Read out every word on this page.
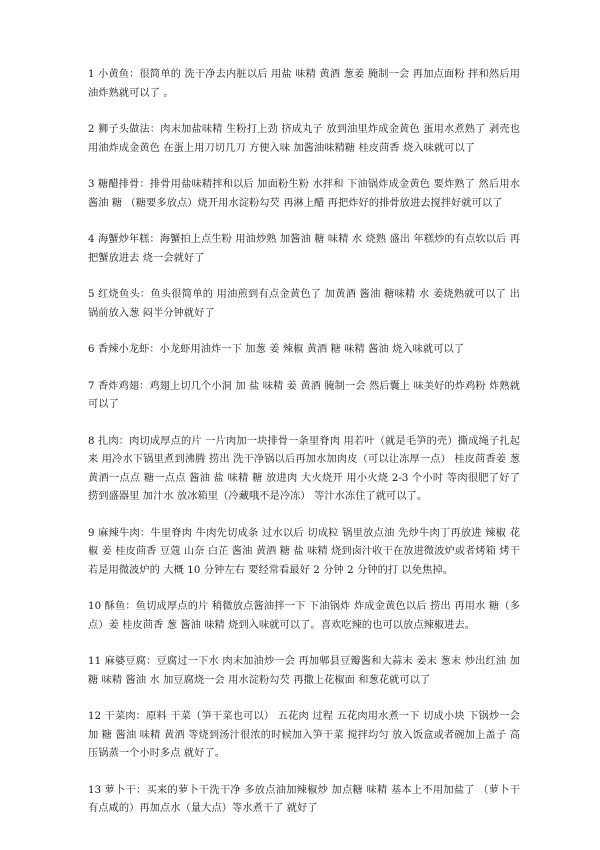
1 小黄鱼：很简单的 洗干净去内脏以后 用盐 味精 黄酒 葱姜 腌制一会 再加点面粉 拌和然后用油炸熟就可以了 。

2 狮子头做法：肉末加盐味精 生粉打上劲 挤成丸子 放到油里炸成金黄色 蛋用水煮熟了 剥壳也用油炸成金黄色 在蛋上用刀切几刀 方便入味 加酱油味精糖 桂皮茴香 烧入味就可以了

3 糖醋排骨：排骨用盐味精拌和以后 加面粉生粉 水拌和 下油锅炸成金黄色 要炸熟了 然后用水 酱油 糖 （糖要多放点）烧开用水淀粉勾芡 再淋上醋 再把炸好的排骨放进去搅拌好就可以了

4 海蟹炒年糕：海蟹拍上点生粉 用油炒熟 加酱油 糖 味精 水 烧熟 盛出 年糕炒的有点软以后 再把蟹放进去 烧一会就好了

5 红烧鱼头：鱼头很简单的 用油煎到有点金黄色了 加黄酒 酱油 糖味精 水 姜烧熟就可以了 出锅前放入葱 闷半分钟就好了

6 香辣小龙虾：小龙虾用油炸一下 加葱 姜 辣椒 黄酒 糖 味精 酱油 烧入味就可以了

7 香炸鸡翅：鸡翅上切几个小洞 加 盐 味精 姜 黄酒 腌制一会 然后囊上 味美好的炸鸡粉 炸熟就可以了

8 扎肉：肉切成厚点的片 一片肉加一块排骨一条里脊肉 用若叶（就是毛笋的壳）撕成绳子扎起来 用冷水下锅里煮到沸腾 捞出 洗干净锅以后再加水加肉皮（可以让冻厚一点） 桂皮茴香姜 葱 黄酒一点点 糖一点点 酱油 盐 味精 糖 放进肉 大火烧开 用小火烧 2-3 个小时 等肉很肥了好了 捞到盛器里 加汁水 放冰箱里（冷藏哦不是冷冻） 等汁水冻住了就可以了。

9 麻辣牛肉：牛里脊肉 牛肉先切成条 过水以后 切成粒 锅里放点油 先炒牛肉丁再放进 辣椒 花椒 姜 桂皮茴香 豆蔻 山奈 白芷 酱油 黄酒 糖 盐 味精 烧到卤汁收干在放进微波炉或者烤箱 烤干 若是用微波炉的 大概 10 分钟左右 要经常看最好 2 分钟 2 分钟的打 以免焦掉。

10 酥鱼：鱼切成厚点的片 稍微放点酱油拌一下 下油锅炸 炸成金黄色以后 捞出 再用水 糖（多点）姜 桂皮茴香 葱 酱油 味精 烧到入味就可以了。喜欢吃辣的也可以放点辣椒进去。

11 麻婆豆腐：豆腐过一下水 肉末加油炒一会 再加郫县豆瓣酱和大蒜末 姜末 葱末 炒出红油 加糖 味精 酱油 水 加豆腐烧一会 用水淀粉勾芡 再撒上花椒面 和葱花就可以了

12 干菜肉：原料 干菜（笋干菜也可以） 五花肉 过程 五花肉用水煮一下 切成小块 下锅炒一会 加 糖 酱油 味精 黄酒 等烧到汤汁很浓的时候加入笋干菜 搅拌均匀 放入饭盒或者碗加上盖子 高压锅蒸一个小时多点 就好了。

13 萝卜干：买来的萝卜干洗干净 多放点油加辣椒炒 加点糖 味精 基本上不用加盐了 （萝卜干有点咸的）再加点水（量大点）等水煮干了 就好了
